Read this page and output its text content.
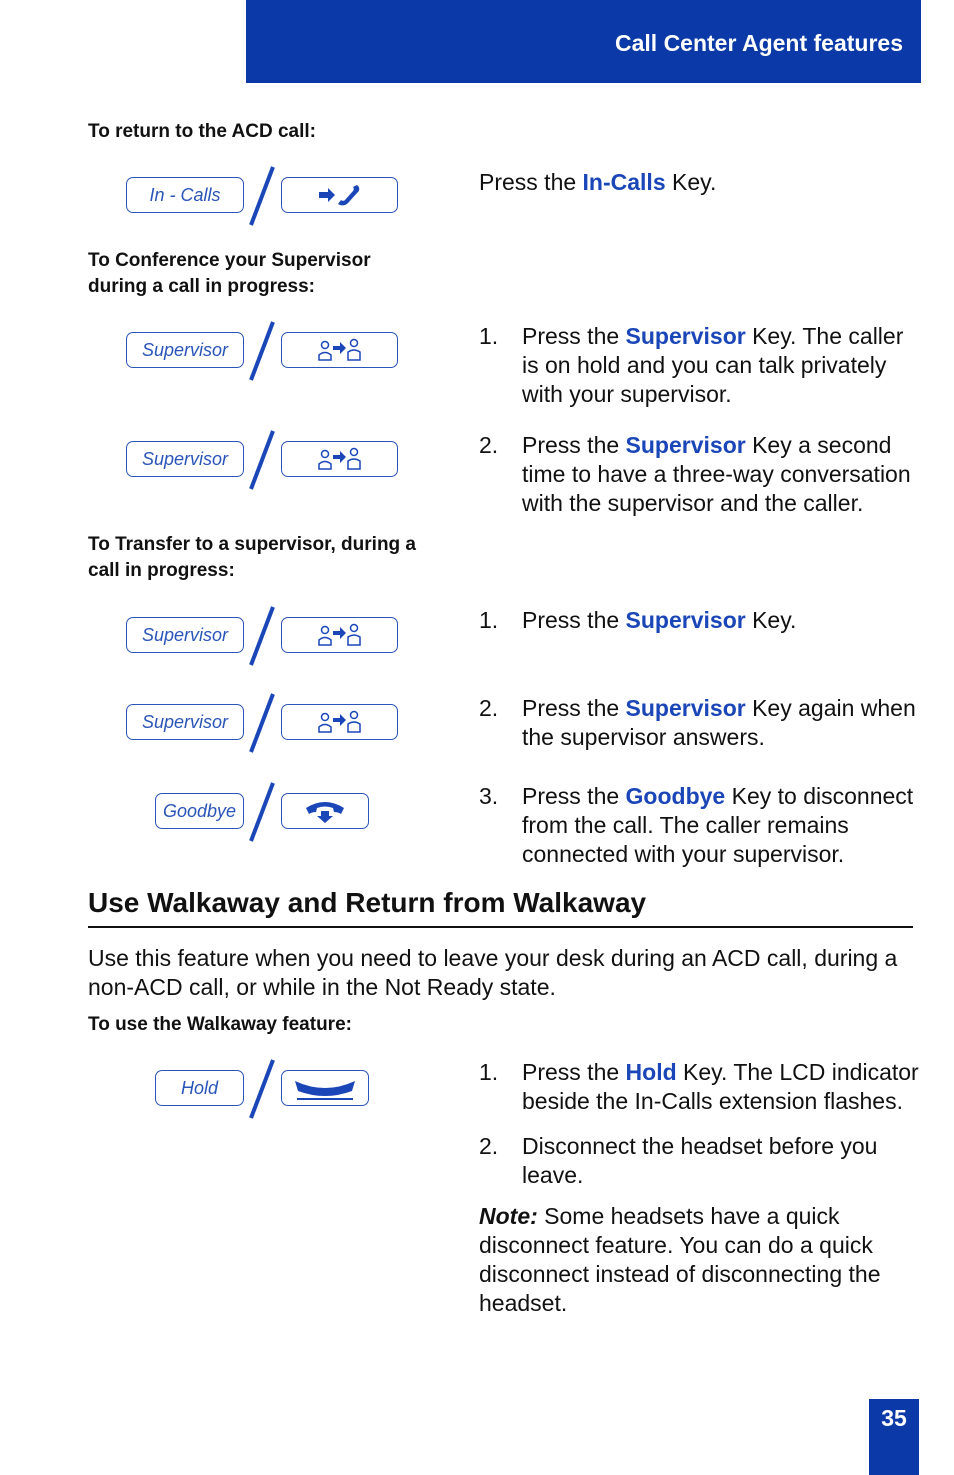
Call Center Agent features
To return to the ACD call:
In - Calls	Press the In-Calls Key.
To Conference your Supervisor
during a call in progress:
Supervisor
1. Press the Supervisor Key. The caller is on hold and you can talk privately with your supervisor.
Supervisor
2. Press the Supervisor Key a second time to have a three-way conversation with the supervisor and the caller.
To Transfer to a supervisor, during a
call in progress:
Supervisor
1. Press the Supervisor Key.
Supervisor
2. Press the Supervisor Key again when the supervisor answers.
Goodbye
3. Press the Goodbye Key to disconnect from the call. The caller remains connected with your supervisor.
Use Walkaway and Return from Walkaway
Use this feature when you need to leave your desk during an ACD call, during a non-ACD call, or while in the Not Ready state.
To use the Walkaway feature:
Hold
1. Press the Hold Key. The LCD indicator beside the In-Calls extension flashes.
2. Disconnect the headset before you leave.
Note: Some headsets have a quick disconnect feature. You can do a quick disconnect instead of disconnecting the headset.
35
